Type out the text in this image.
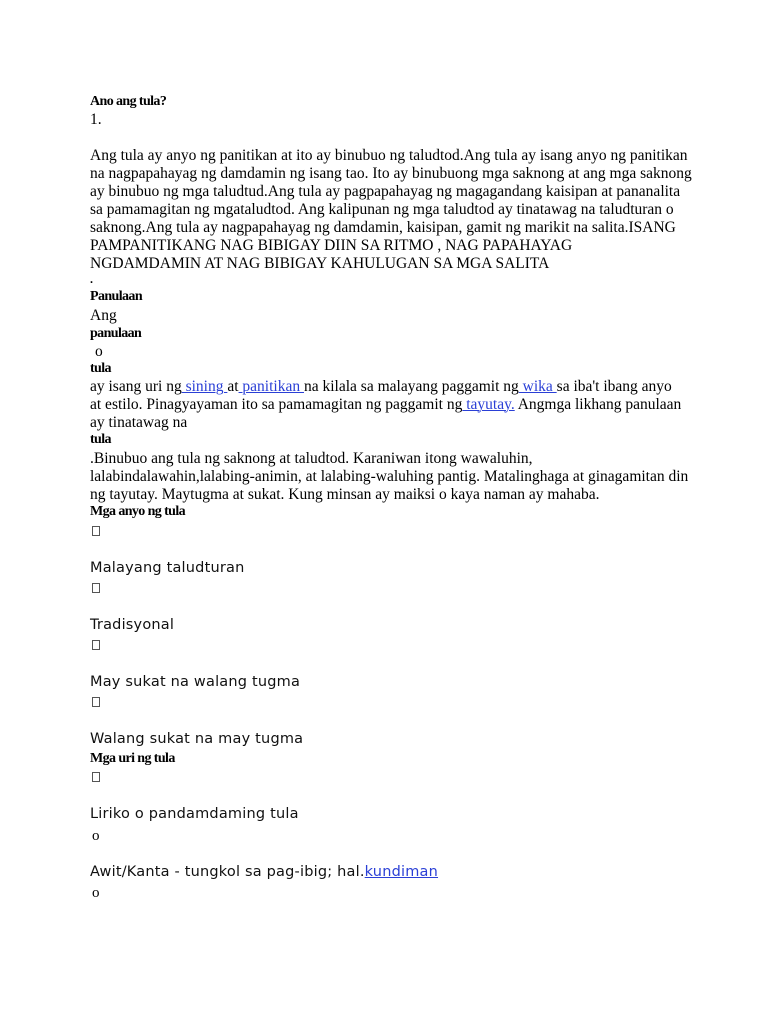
Ano ang tula?
1.
Ang tula ay anyo ng panitikan at ito ay binubuo ng taludtod.Ang tula ay isang anyo ng panitikan
na nagpapahayag ng damdamin ng isang tao. Ito ay binubuong mga saknong at ang mga saknong
ay binubuo ng mga taludtud.Ang tula ay pagpapahayag ng magagandang kaisipan at pananalita
sa pamamagitan ng mgataludtod. Ang kalipunan ng mga taludtod ay tinatawag na taludturan o
saknong.Ang tula ay nagpapahayag ng damdamin, kaisipan, gamit ng marikit na salita.ISANG
PAMPANITIKANG NAG BIBIGAY DIIN SA RITMO , NAG PAPAHAYAG
NGDAMDAMIN AT NAG BIBIGAY KAHULUGAN SA MGA SALITA
.
Panulaan
Ang
panulaan
o
tula
ay isang uri ng sining at panitikan na kilala sa malayang paggamit ng wika sa iba't ibang anyo
at estilo. Pinagyayaman ito sa pamamagitan ng paggamit ng tayutay. Angmga likhang panulaan
ay tinatawag na
tula
.Binubuo ang tula ng saknong at taludtod. Karaniwan itong wawaluhin,
lalabindalawahin,lalabing-animin, at lalabing-waluhing pantig. Matalinghaga at ginagamitan din
ng tayutay. Maytugma at sukat. Kung minsan ay maiksi o kaya naman ay mahaba.
Mga anyo ng tula
Malayang taludturan
Tradisyonal
May sukat na walang tugma
Walang sukat na may tugma
Mga uri ng tula
Liriko o pandamdaming tula
o
Awit/Kanta - tungkol sa pag-ibig; hal.kundiman
o
